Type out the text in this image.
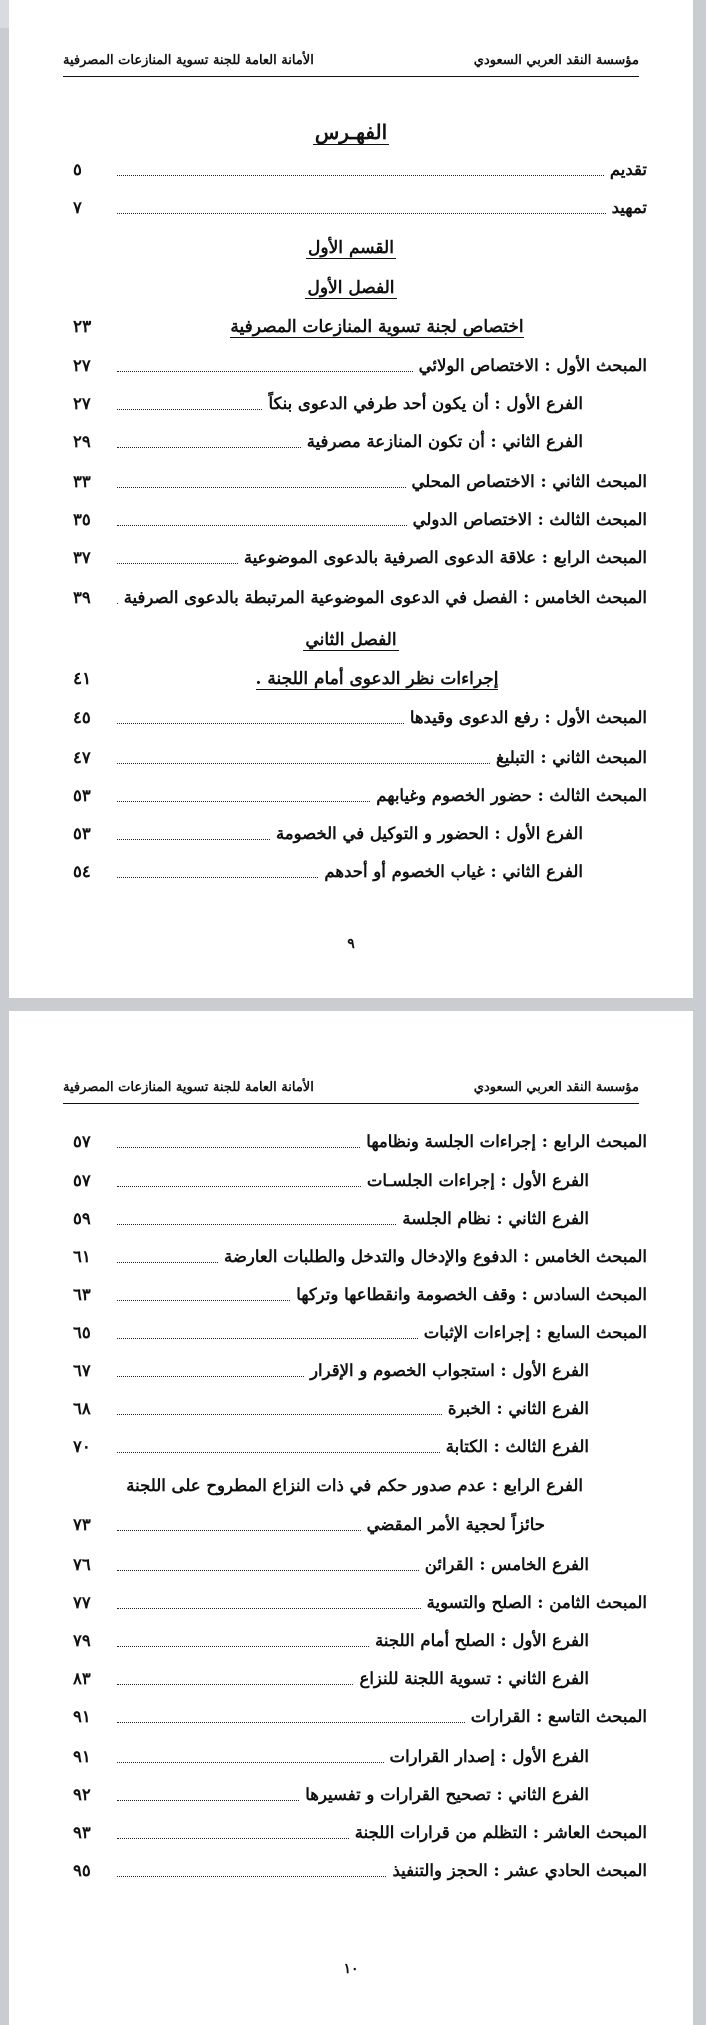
مؤسسة النقد العربي السعودي
الأمانة العامة للجنة تسوية المنازعات المصرفية
الفهـرس
تقديم
٥
تمهيد
٧
القسم الأول
الفصل الأول
اختصاص لجنة تسوية المنازعات المصرفية
٢٣
المبحث الأول : الاختصاص الولائي
٢٧
الفرع الأول : أن يكون أحد طرفي الدعوى بنكاً
٢٧
الفرع الثاني : أن تكون المنازعة مصرفية
٢٩
المبحث الثاني : الاختصاص المحلي
٣٣
المبحث الثالث : الاختصاص الدولي
٣٥
المبحث الرابع : علاقة الدعوى الصرفية بالدعوى الموضوعية
٣٧
المبحث الخامس : الفصل في الدعوى الموضوعية المرتبطة بالدعوى الصرفية
٣٩
الفصل الثاني
إجراءات نظر الدعوى أمام اللجنة .
٤١
المبحث الأول : رفع الدعوى وقيدها
٤٥
المبحث الثاني : التبليغ
٤٧
المبحث الثالث : حضور الخصوم وغيابهم
٥٣
الفرع الأول : الحضور و التوكيل في الخصومة
٥٣
الفرع الثاني : غياب الخصوم أو أحدهم
٥٤
٩
مؤسسة النقد العربي السعودي
الأمانة العامة للجنة تسوية المنازعات المصرفية
المبحث الرابع : إجراءات الجلسة ونظامها
٥٧
الفرع الأول : إجراءات الجلسـات
٥٧
الفرع الثاني : نظام الجلسة
٥٩
المبحث الخامس : الدفوع والإدخال والتدخل والطلبات العارضة
٦١
المبحث السادس : وقف الخصومة وانقطاعها وتركها
٦٣
المبحث السابع : إجراءات الإثبات
٦٥
الفرع الأول : استجواب الخصوم و الإقرار
٦٧
الفرع الثاني : الخبرة
٦٨
الفرع الثالث : الكتابة
٧٠
الفرع الرابع : عدم صدور حكم في ذات النزاع المطروح على اللجنة
حائزاً لحجية الأمر المقضي
٧٣
الفرع الخامس : القرائن
٧٦
المبحث الثامن : الصلح والتسوية
٧٧
الفرع الأول : الصلح أمام اللجنة
٧٩
الفرع الثاني : تسوية اللجنة للنزاع
٨٣
المبحث التاسع : القرارات
٩١
الفرع الأول : إصدار القرارات
٩١
الفرع الثاني : تصحيح القرارات و تفسيرها
٩٢
المبحث العاشر : التظلم من قرارات اللجنة
٩٣
المبحث الحادي عشر : الحجز والتنفيذ
٩٥
١٠
